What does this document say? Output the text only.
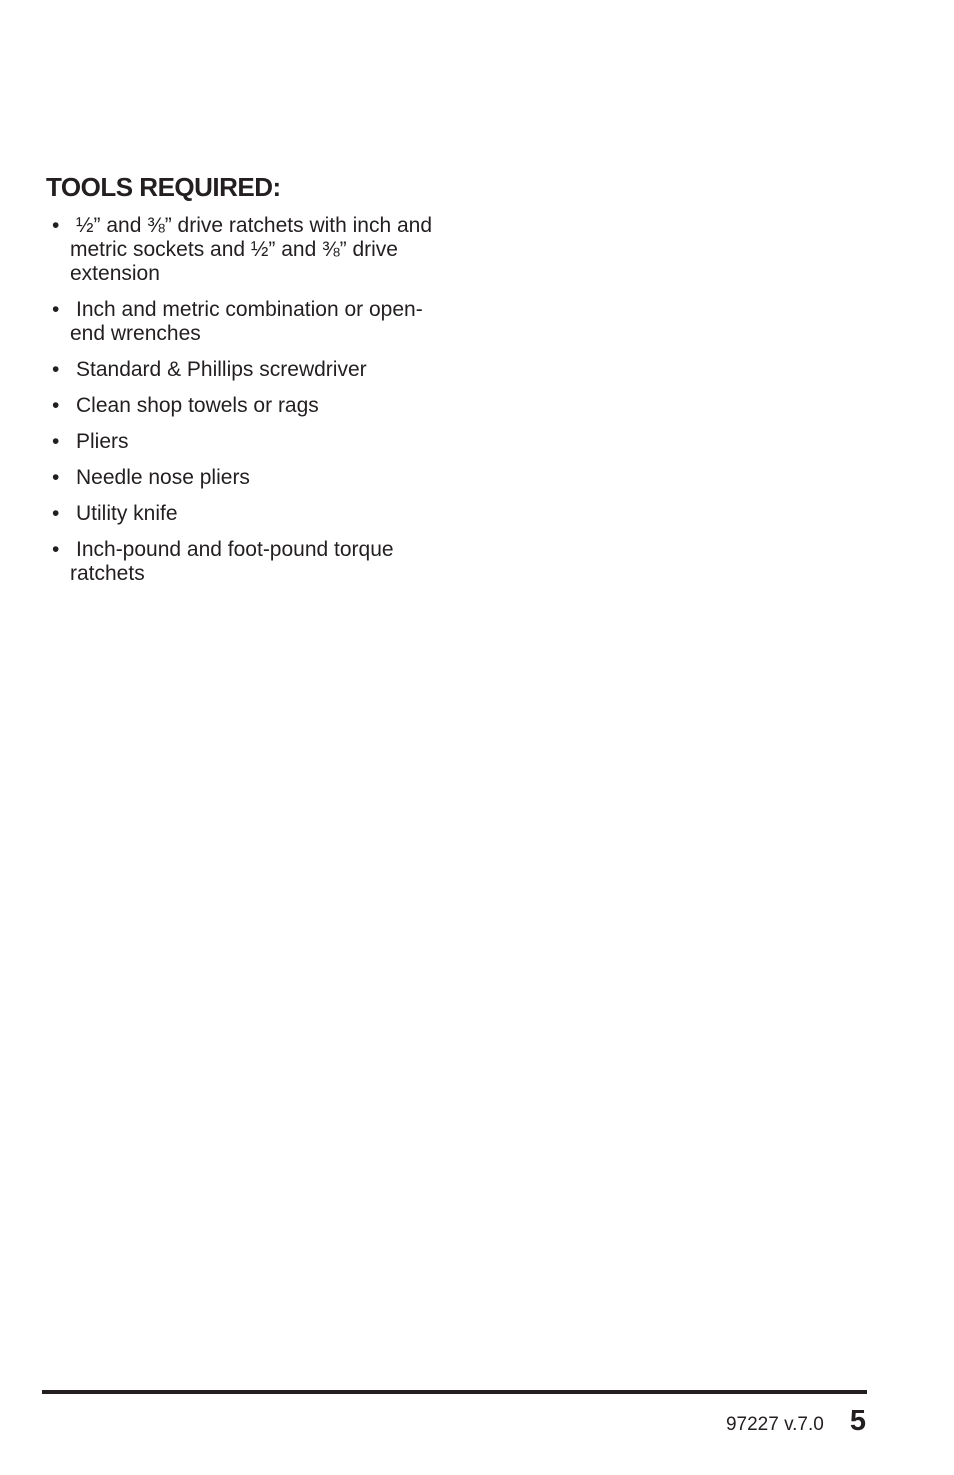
TOOLS REQUIRED:
• ½” and ⅜” drive ratchets with inch and metric sockets and ½” and ⅜” drive extension
• Inch and metric combination or open-end wrenches
• Standard & Phillips screwdriver
• Clean shop towels or rags
• Pliers
• Needle nose pliers
• Utility knife
• Inch-pound and foot-pound torque ratchets
97227 v.7.0 5
